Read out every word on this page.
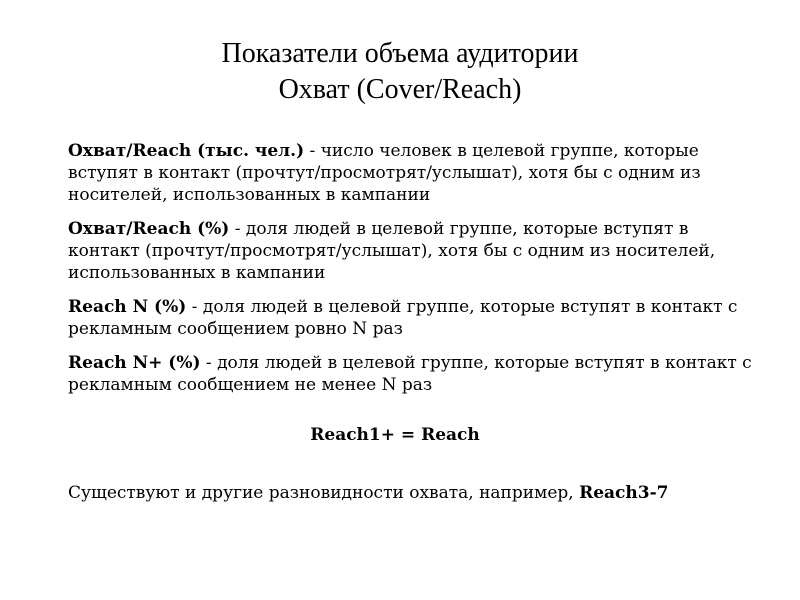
Показатели объема аудитории
Охват (Cover/Reach)

Охват/Reach (тыс. чел.) - число человек в целевой группе, которые вступят в контакт (прочтут/просмотрят/услышат), хотя бы с одним из носителей, использованных в кампании

Охват/Reach (%) - доля людей в целевой группе, которые вступят в контакт (прочтут/просмотрят/услышат), хотя бы с одним из носителей, использованных в кампании

Reach N (%) - доля людей в целевой группе, которые вступят в контакт с рекламным сообщением ровно N раз

Reach N+ (%) - доля людей в целевой группе, которые вступят в контакт с рекламным сообщением не менее N раз

Reach1+ = Reach

Существуют и другие разновидности охвата, например, Reach3-7
